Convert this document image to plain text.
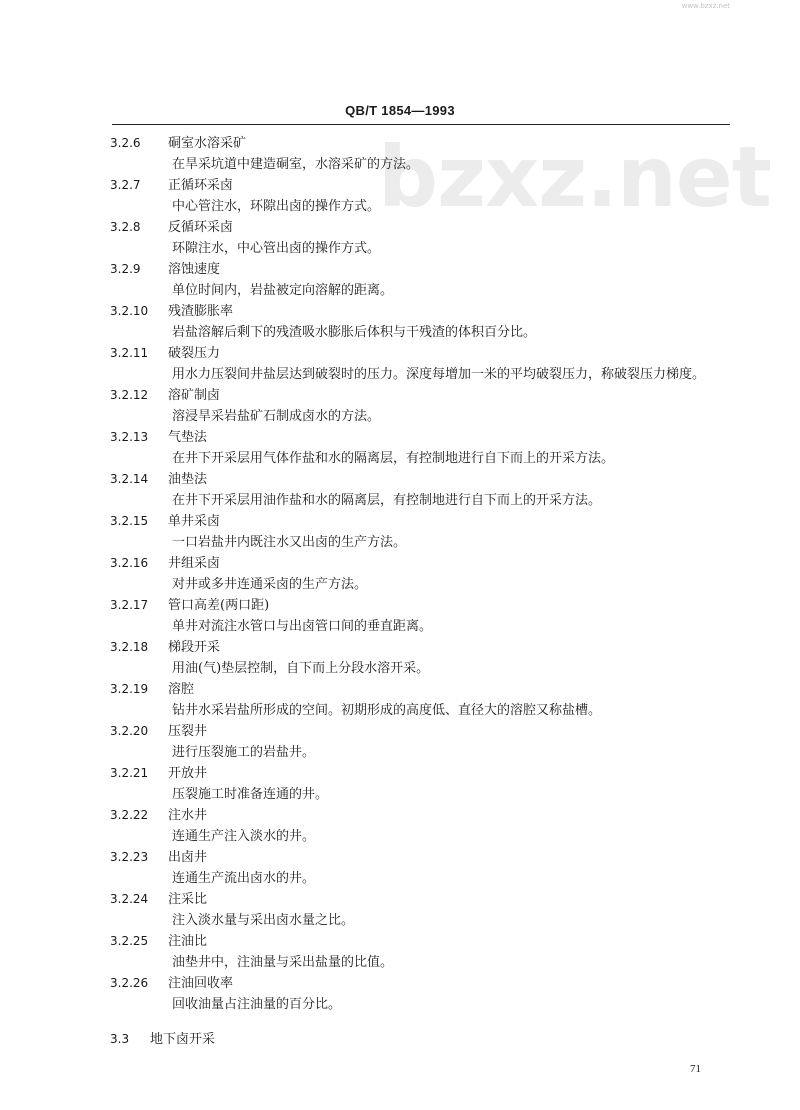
www.bzxz.net
QB/T 1854—1993
bzxz.net
3.2.6 硐室水溶采矿
在旱采坑道中建造硐室，水溶采矿的方法。
3.2.7 正循环采卤
中心管注水，环隙出卤的操作方式。
3.2.8 反循环采卤
环隙注水，中心管出卤的操作方式。
3.2.9 溶蚀速度
单位时间内，岩盐被定向溶解的距离。
3.2.10 残渣膨胀率
岩盐溶解后剩下的残渣吸水膨胀后体积与干残渣的体积百分比。
3.2.11 破裂压力
用水力压裂间井盐层达到破裂时的压力。深度每增加一米的平均破裂压力，称破裂压力梯度。
3.2.12 溶矿制卤
溶浸旱采岩盐矿石制成卤水的方法。
3.2.13 气垫法
在井下开采层用气体作盐和水的隔离层，有控制地进行自下而上的开采方法。
3.2.14 油垫法
在井下开采层用油作盐和水的隔离层，有控制地进行自下而上的开采方法。
3.2.15 单井采卤
一口岩盐井内既注水又出卤的生产方法。
3.2.16 井组采卤
对井或多井连通采卤的生产方法。
3.2.17 管口高差(两口距)
单井对流注水管口与出卤管口间的垂直距离。
3.2.18 梯段开采
用油(气)垫层控制，自下而上分段水溶开采。
3.2.19 溶腔
钻井水采岩盐所形成的空间。初期形成的高度低、直径大的溶腔又称盐槽。
3.2.20 压裂井
进行压裂施工的岩盐井。
3.2.21 开放井
压裂施工时准备连通的井。
3.2.22 注水井
连通生产注入淡水的井。
3.2.23 出卤井
连通生产流出卤水的井。
3.2.24 注采比
注入淡水量与采出卤水量之比。
3.2.25 注油比
油垫井中，注油量与采出盐量的比值。
3.2.26 注油回收率
回收油量占注油量的百分比。
3.3 地下卤开采
71
